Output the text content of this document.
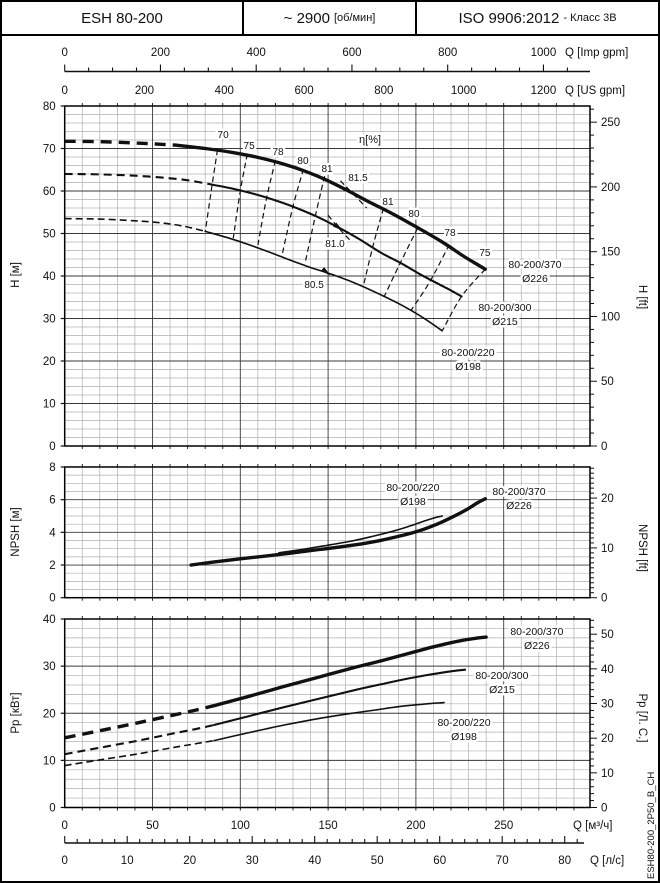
ESH 80-200	~ 2900 [об/мин]	ISO 9906:2012 - Класс 3В
0	200	400	600	800	1000 Q [Imp gpm]
0	200	400	600	800	1000	1200 Q [US gpm]
0
10
20
30
40
50
60
70
80
H [м]
0
50
100
150
200
250
H [ft]
70
75
78
80
81
81.5
81
80
78
75
81.0
80.5
η[%]
80-200/370
Ø226
80-200/300
Ø215
80-200/220
Ø198
0
2
4
6
8
NPSH [м]
0
10
20
NPSH [ft]
80-200/220
Ø198
80-200/370
Ø226
0
10
20
30
40
Pp [кВт]
0
10
20
30
40
50
Pp [Л. С.]
80-200/370
Ø226
80-200/300
Ø215
80-200/220
Ø198
0	50	100	150	200	250	Q [м³/ч]
0	10	20	30	40	50	60	70	80 Q [л/с] ESH80-200_2P50_B_CH
